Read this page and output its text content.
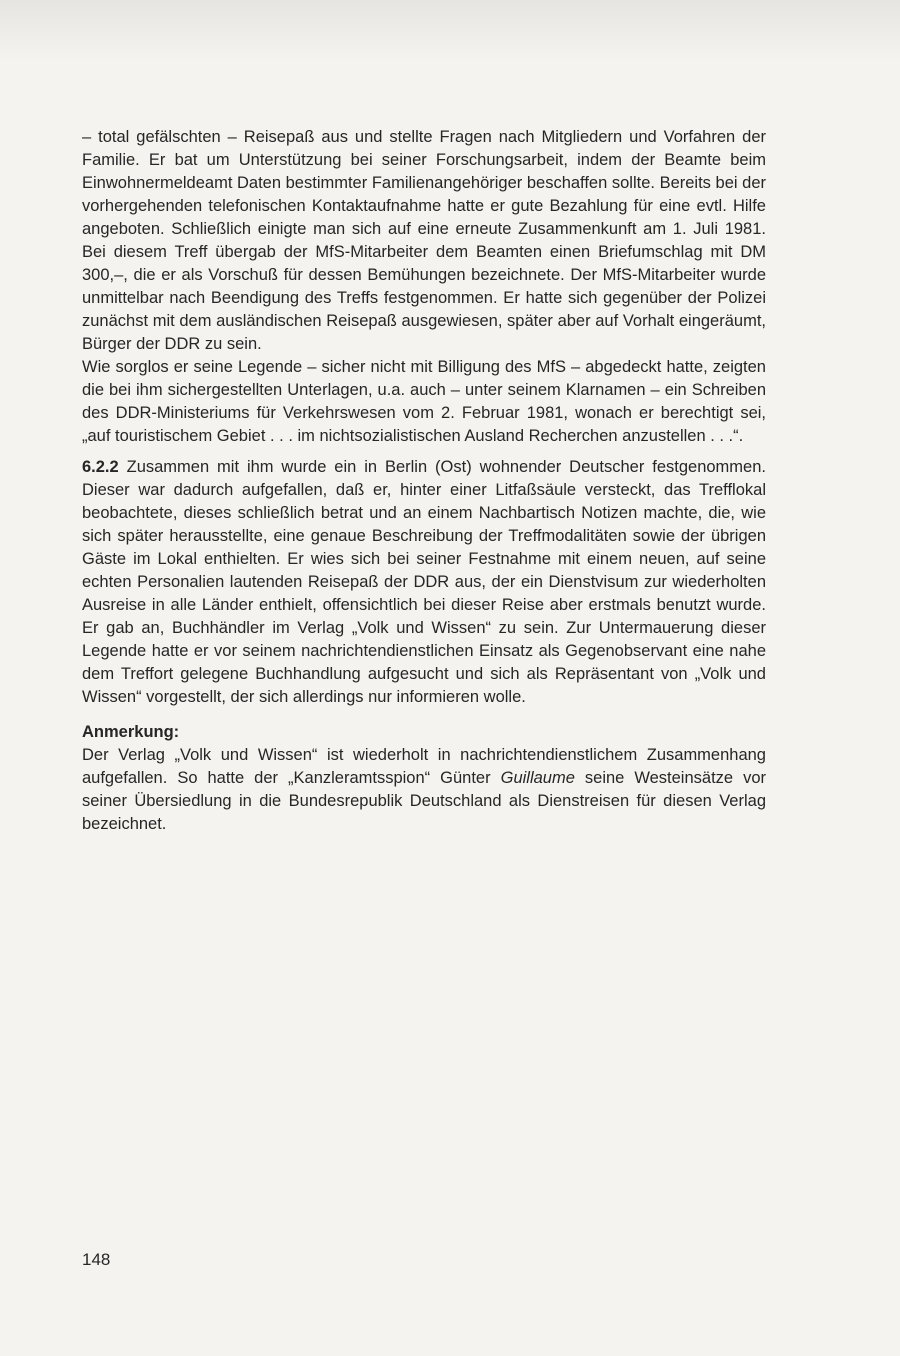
– total gefälschten – Reisepaß aus und stellte Fragen nach Mitgliedern und Vorfahren der Familie. Er bat um Unterstützung bei seiner Forschungsarbeit, indem der Beamte beim Einwohnermeldeamt Daten bestimmter Familienangehöriger beschaffen sollte. Bereits bei der vorhergehenden telefonischen Kontaktaufnahme hatte er gute Bezahlung für eine evtl. Hilfe angeboten. Schließlich einigte man sich auf eine erneute Zusammenkunft am 1. Juli 1981. Bei diesem Treff übergab der MfS-Mitarbeiter dem Beamten einen Briefumschlag mit DM 300,–, die er als Vorschuß für dessen Bemühungen bezeichnete. Der MfS-Mitarbeiter wurde unmittelbar nach Beendigung des Treffs festgenommen. Er hatte sich gegenüber der Polizei zunächst mit dem ausländischen Reisepaß ausgewiesen, später aber auf Vorhalt eingeräumt, Bürger der DDR zu sein.

Wie sorglos er seine Legende – sicher nicht mit Billigung des MfS – abgedeckt hatte, zeigten die bei ihm sichergestellten Unterlagen, u.a. auch – unter seinem Klarnamen – ein Schreiben des DDR-Ministeriums für Verkehrswesen vom 2. Februar 1981, wonach er berechtigt sei, „auf touristischem Gebiet . . . im nichtsozialistischen Ausland Recherchen anzustellen . . .“.

6.2.2 Zusammen mit ihm wurde ein in Berlin (Ost) wohnender Deutscher festgenommen. Dieser war dadurch aufgefallen, daß er, hinter einer Litfaßsäule versteckt, das Trefflokal beobachtete, dieses schließlich betrat und an einem Nachbartisch Notizen machte, die, wie sich später herausstellte, eine genaue Beschreibung der Treffmodalitäten sowie der übrigen Gäste im Lokal enthielten. Er wies sich bei seiner Festnahme mit einem neuen, auf seine echten Personalien lautenden Reisepaß der DDR aus, der ein Dienstvisum zur wiederholten Ausreise in alle Länder enthielt, offensichtlich bei dieser Reise aber erstmals benutzt wurde. Er gab an, Buchhändler im Verlag „Volk und Wissen“ zu sein. Zur Untermauerung dieser Legende hatte er vor seinem nachrichtendienstlichen Einsatz als Gegenobservant eine nahe dem Treffort gelegene Buchhandlung aufgesucht und sich als Repräsentant von „Volk und Wissen“ vorgestellt, der sich allerdings nur informieren wolle.

Anmerkung:

Der Verlag „Volk und Wissen“ ist wiederholt in nachrichtendienstlichem Zusammenhang aufgefallen. So hatte der „Kanzleramtsspion“ Günter Guillaume seine Westeinsätze vor seiner Übersiedlung in die Bundesrepublik Deutschland als Dienstreisen für diesen Verlag bezeichnet.

148
